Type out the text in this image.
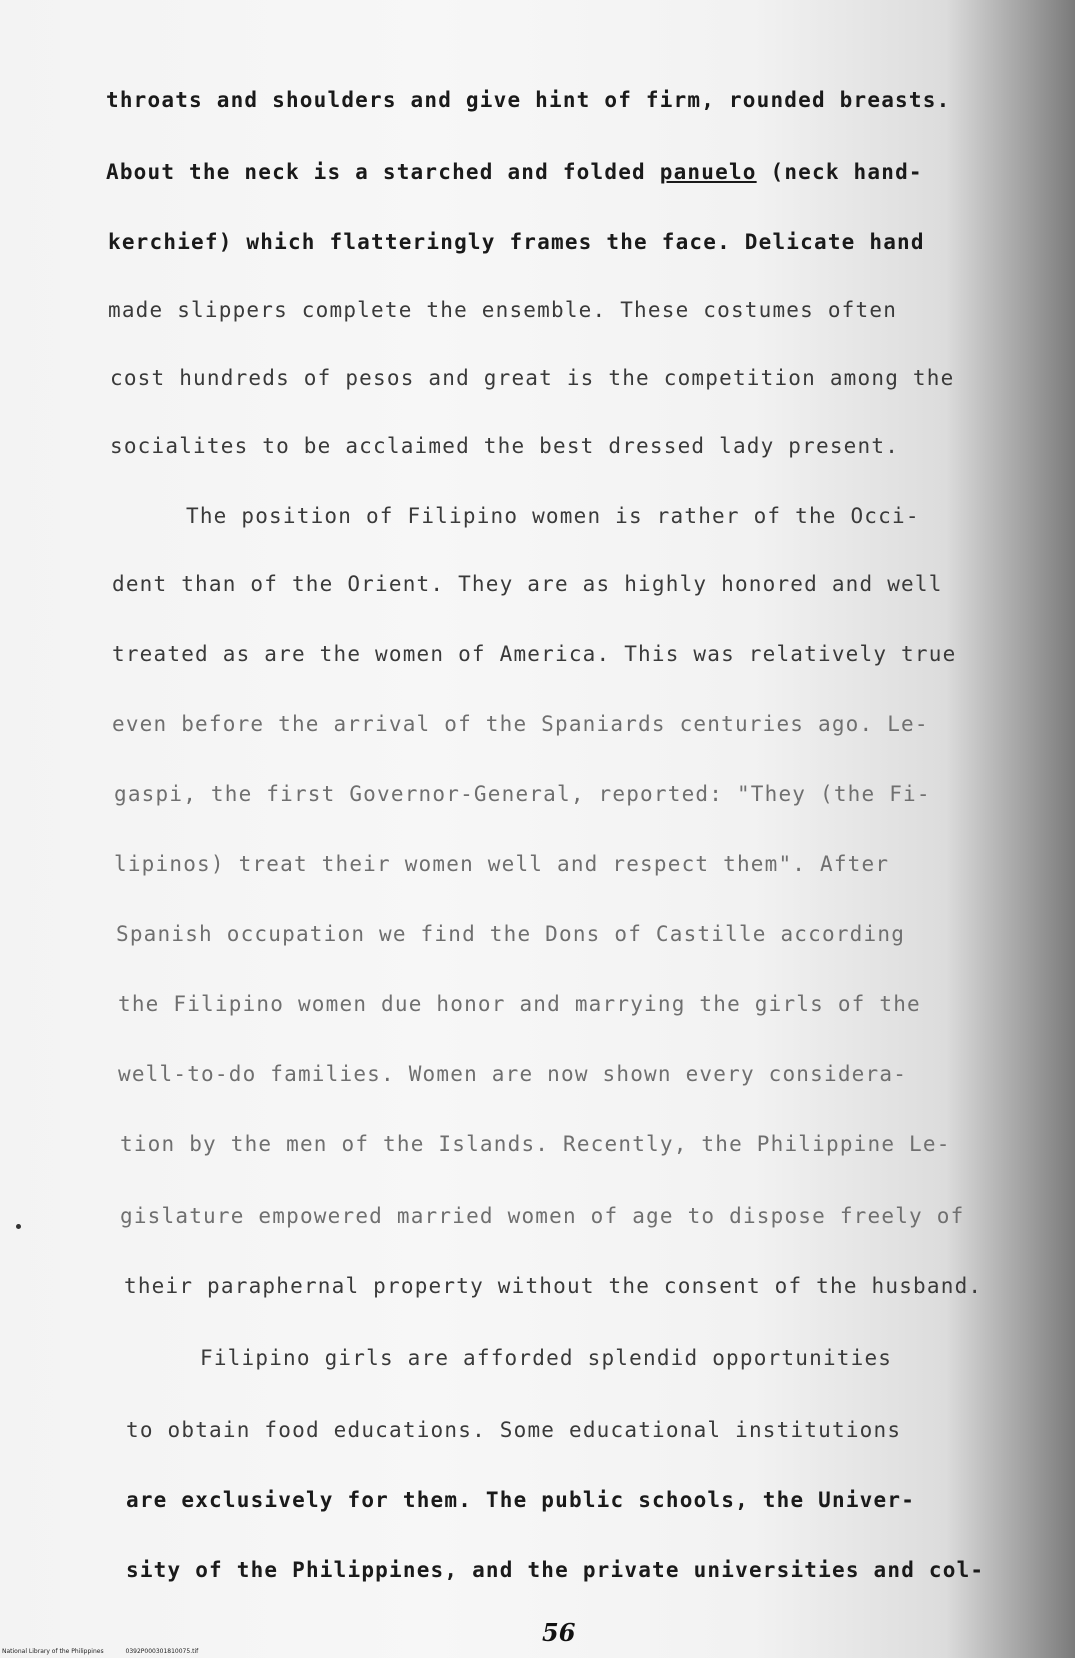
throats and shoulders and give hint of firm, rounded breasts.
About the neck is a starched and folded panuelo (neck hand-
kerchief) which flatteringly frames the face. Delicate hand
made slippers complete the ensemble. These costumes often
cost hundreds of pesos and great is the competition among the
socialites to be acclaimed the best dressed lady present.
The position of Filipino women is rather of the Occi-
dent than of the Orient. They are as highly honored and well
treated as are the women of America. This was relatively true
even before the arrival of the Spaniards centuries ago. Le-
gaspi, the first Governor-General, reported: "They (the Fi-
lipinos) treat their women well and respect them". After
Spanish occupation we find the Dons of Castille according
the Filipino women due honor and marrying the girls of the
well-to-do families. Women are now shown every considera-
tion by the men of the Islands. Recently, the Philippine Le-
gislature empowered married women of age to dispose freely of
their paraphernal property without the consent of the husband.
Filipino girls are afforded splendid opportunities
to obtain food educations. Some educational institutions
are exclusively for them. The public schools, the Univer-
sity of the Philippines, and the private universities and col-
56
National Library of the Philippines	0392P000301810075.tif
